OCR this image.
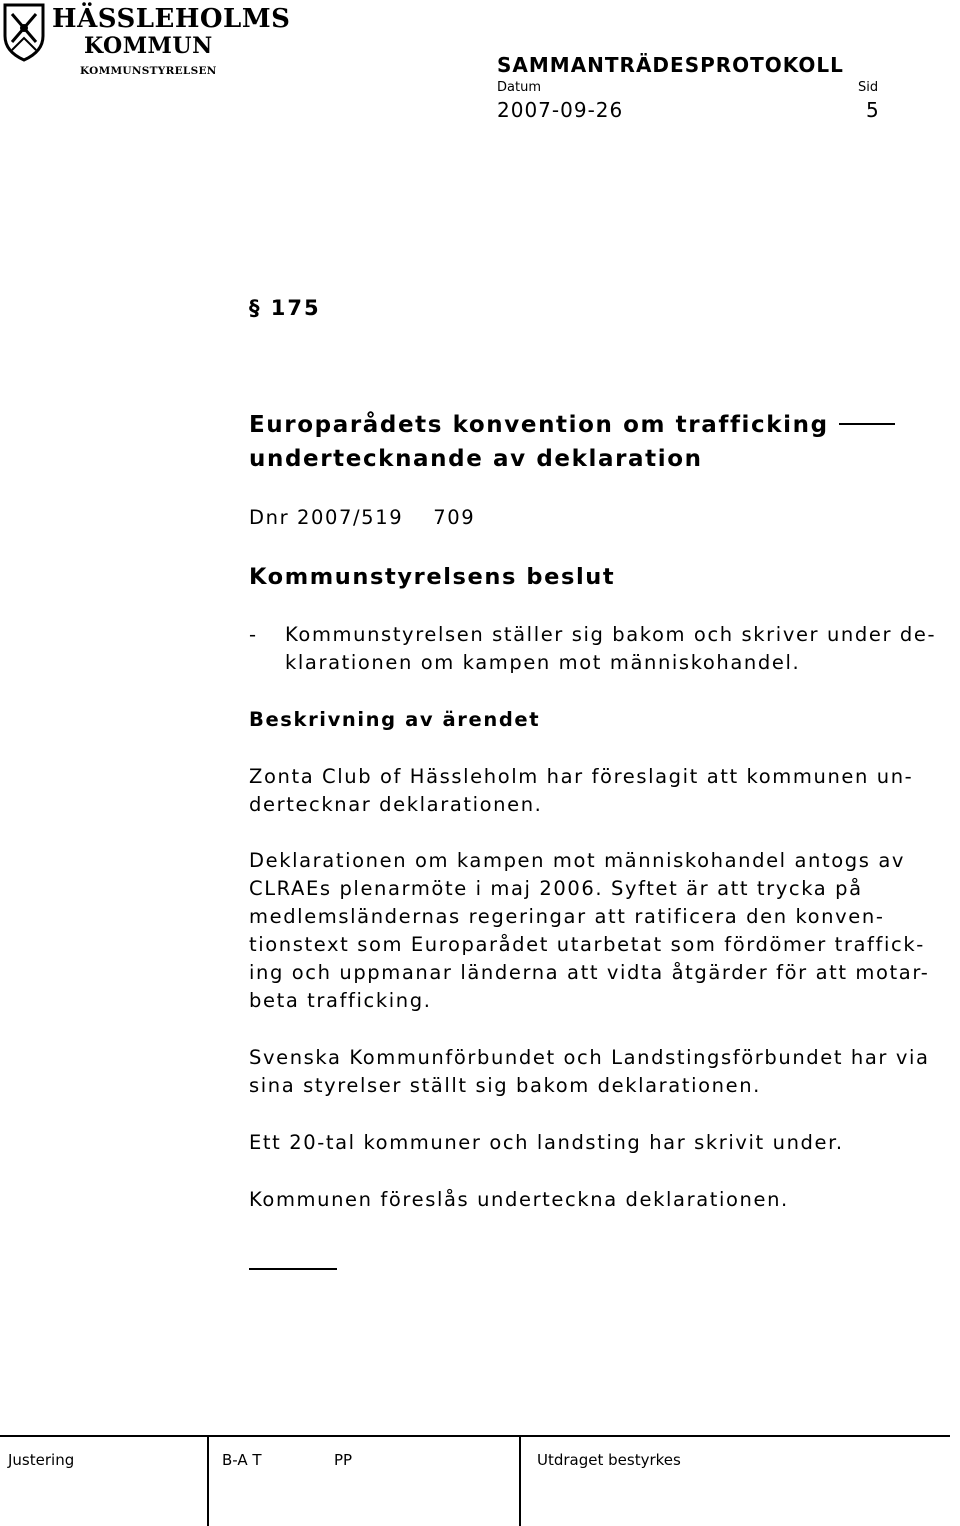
HÄSSLEHOLMS
KOMMUN
KOMMUNSTYRELSEN	SAMMANTRÄDESPROTOKOLL
Datum	Sid
2007-09-26	5
§ 175
Europarådets konvention om trafficking
undertecknande av deklaration
Dnr 2007/519 709
Kommunstyrelsens beslut
- Kommunstyrelsen ställer sig bakom och skriver under de-
klarationen om kampen mot människohandel.
Beskrivning av ärendet
Zonta Club of Hässleholm har föreslagit att kommunen un-
dertecknar deklarationen.
Deklarationen om kampen mot människohandel antogs av
CLRAEs plenarmöte i maj 2006. Syftet är att trycka på
medlemsländernas regeringar att ratificera den konven-
tionstext som Europarådet utarbetat som fördömer traffick-
ing och uppmanar länderna att vidta åtgärder för att motar-
beta trafficking.
Svenska Kommunförbundet och Landstingsförbundet har via
sina styrelser ställt sig bakom deklarationen.
Ett 20-tal kommuner och landsting har skrivit under.
Kommunen föreslås underteckna deklarationen.
Justering	B-A T	PP	Utdraget bestyrkes
